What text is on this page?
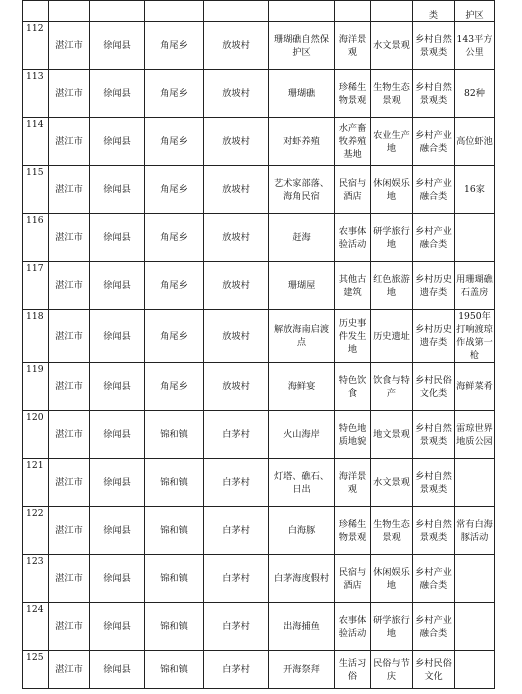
								类	护区
112	湛江市	徐闻县	角尾乡	放坡村	珊瑚礁自然保护区	海洋景观	水文景观	乡村自然景观类	143平方公里
113	湛江市	徐闻县	角尾乡	放坡村	珊瑚礁	珍稀生物景观	生物生态景观	乡村自然景观类	82种
114	湛江市	徐闻县	角尾乡	放坡村	对虾养殖	水产畜牧养殖基地	农业生产地	乡村产业融合类	高位虾池
115	湛江市	徐闻县	角尾乡	放坡村	艺术家部落、海角民宿	民宿与酒店	休闲娱乐地	乡村产业融合类	16家
116	湛江市	徐闻县	角尾乡	放坡村	赶海	农事体验活动	研学旅行地	乡村产业融合类	
117	湛江市	徐闻县	角尾乡	放坡村	珊瑚屋	其他古建筑	红色旅游地	乡村历史遗存类	用珊瑚礁石盖房
118	湛江市	徐闻县	角尾乡	放坡村	解放海南启渡点	历史事件发生地	历史遗址	乡村历史遗存类	1950年打响渡琼作战第一枪
119	湛江市	徐闻县	角尾乡	放坡村	海鲜宴	特色饮食	饮食与特产	乡村民俗文化类	海鲜菜肴
120	湛江市	徐闻县	锦和镇	白茅村	火山海岸	特色地质地貌	地文景观	乡村自然景观类	雷琼世界地质公园
121	湛江市	徐闻县	锦和镇	白茅村	灯塔、礁石、日出	海洋景观	水文景观	乡村自然景观类	
122	湛江市	徐闻县	锦和镇	白茅村	白海豚	珍稀生物景观	生物生态景观	乡村自然景观类	常有白海豚活动
123	湛江市	徐闻县	锦和镇	白茅村	白茅海度假村	民宿与酒店	休闲娱乐地	乡村产业融合类	
124	湛江市	徐闻县	锦和镇	白茅村	出海捕鱼	农事体验活动	研学旅行地	乡村产业融合类	
125	湛江市	徐闻县	锦和镇	白茅村	开海祭拜	生活习俗	民俗与节庆	乡村民俗文化	
